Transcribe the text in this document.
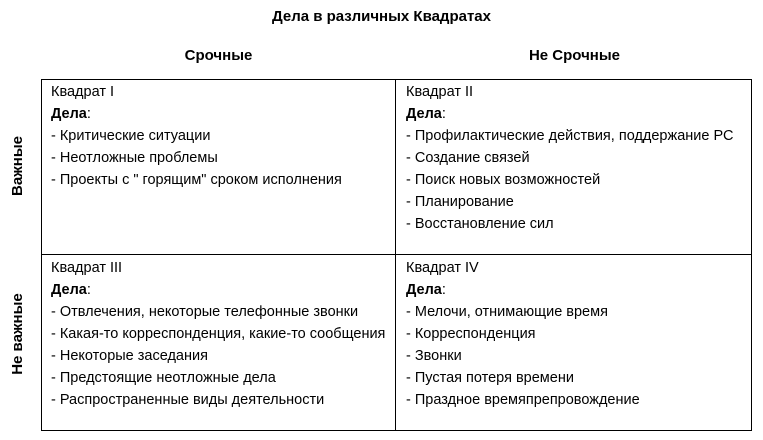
Дела в различных Квадратах
Срочные	Не Срочные
Важные
Не важные
Квадрат I
Дела:
- Критические ситуации
- Неотложные проблемы
- Проекты с " горящим" сроком исполнения
Квадрат II
Дела:
- Профилактические действия, поддержание РС
- Создание связей
- Поиск новых возможностей
- Планирование
- Восстановление сил
Квадрат III
Дела:
- Отвлечения, некоторые телефонные звонки
- Какая-то корреспонденция, какие-то сообщения
- Некоторые заседания
- Предстоящие неотложные дела
- Распространенные виды деятельности
Квадрат IV
Дела:
- Мелочи, отнимающие время
- Корреспонденция
- Звонки
- Пустая потеря времени
- Праздное времяпрепровождение
